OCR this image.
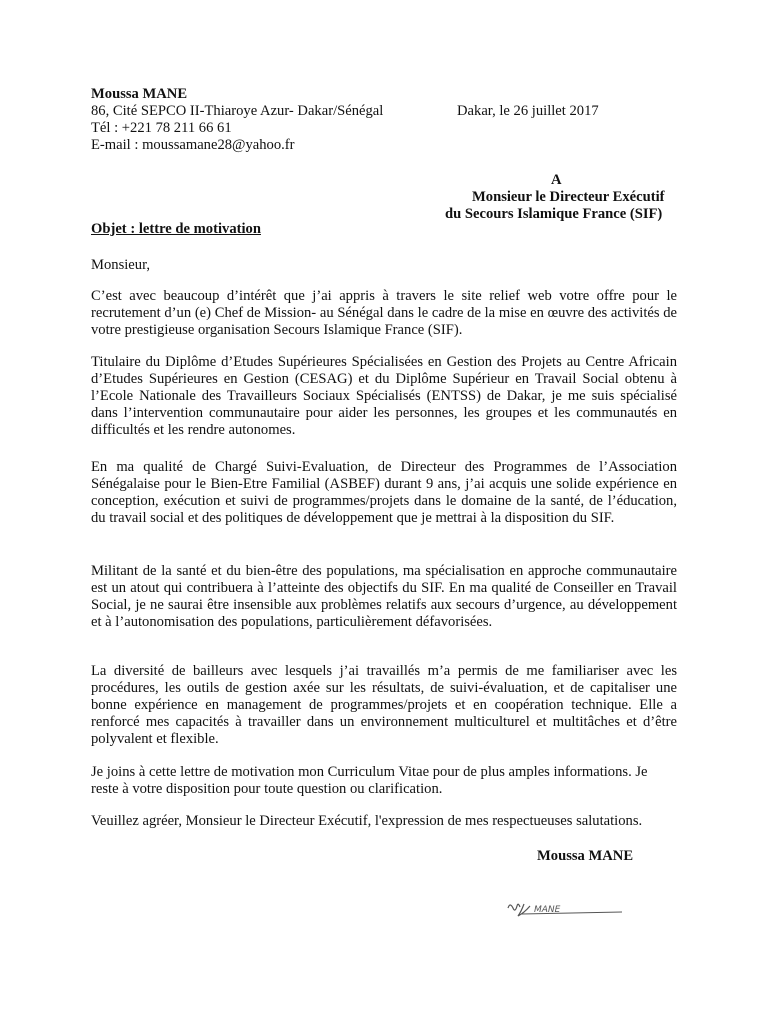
Moussa MANE
86, Cité SEPCO II-Thiaroye Azur- Dakar/Sénégal	Dakar, le 26 juillet 2017
Tél : +221 78 211 66 61
E-mail : moussamane28@yahoo.fr
A
Monsieur le Directeur Exécutif
du Secours Islamique France (SIF)
Objet : lettre de motivation
Monsieur,

C’est avec beaucoup d’intérêt que j’ai appris à travers le site relief web votre offre pour le recrutement d’un (e) Chef de Mission- au Sénégal dans le cadre de la mise en œuvre des activités de votre prestigieuse organisation Secours Islamique France (SIF).

Titulaire du Diplôme d’Etudes Supérieures Spécialisées en Gestion des Projets au Centre Africain d’Etudes Supérieures en Gestion (CESAG) et du Diplôme Supérieur en Travail Social obtenu à l’Ecole Nationale des Travailleurs Sociaux Spécialisés (ENTSS) de Dakar, je me suis spécialisé dans l’intervention communautaire pour aider les personnes, les groupes et les communautés en difficultés et les rendre autonomes.

En ma qualité de Chargé Suivi-Evaluation, de Directeur des Programmes de l’Association Sénégalaise pour le Bien-Etre Familial (ASBEF) durant 9 ans, j’ai acquis une solide expérience en conception, exécution et suivi de programmes/projets dans le domaine de la santé, de l’éducation, du travail social et des politiques de développement que je mettrai à la disposition du SIF.

Militant de la santé et du bien-être des populations, ma spécialisation en approche communautaire est un atout qui contribuera à l’atteinte des objectifs du SIF. En ma qualité de Conseiller en Travail Social, je ne saurai être insensible aux problèmes relatifs aux secours d’urgence, au développement et à l’autonomisation des populations, particulièrement défavorisées.

La diversité de bailleurs avec lesquels j’ai travaillés m’a permis de me familiariser avec les procédures, les outils de gestion axée sur les résultats, de suivi-évaluation, et de capitaliser une bonne expérience en management de programmes/projets et en coopération technique. Elle a renforcé mes capacités à travailler dans un environnement multiculturel et multitâches et d’être polyvalent et flexible.

Je joins à cette lettre de motivation mon Curriculum Vitae pour de plus amples informations. Je reste à votre disposition pour toute question ou clarification.

Veuillez agréer, Monsieur le Directeur Exécutif, l'expression de mes respectueuses salutations.

Moussa MANE
MANE
